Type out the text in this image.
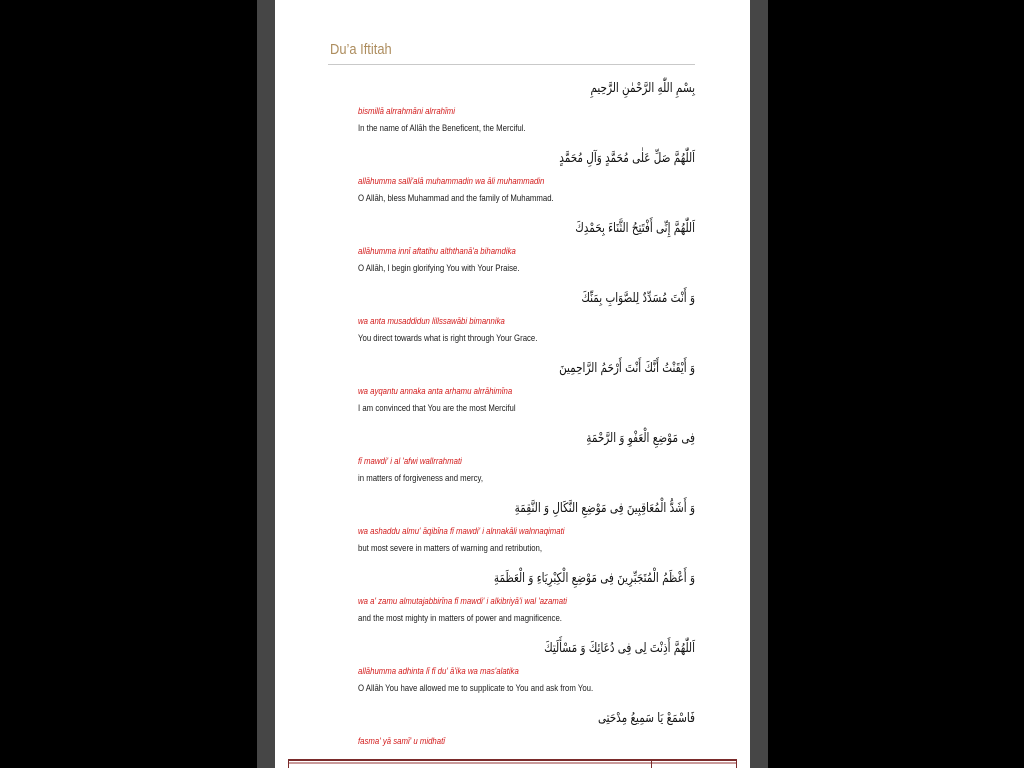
Du’a Iftitah
بِسْمِ اللّٰهِ الرَّحْمٰنِ الرَّحِيمِ
bismillā alrrahmāni alrrahīmi
In the name of Allāh the Beneficent, the Merciful.
اَللّٰهُمَّ صَلِّ عَلٰى مُحَمَّدٍ وَآلِ مُحَمَّدٍ
allāhumma salli'alā muhammadin wa āli muhammadin
O Allāh, bless Muhammad and the family of Muhammad.
اَللّٰهُمَّ إِنِّى أَفْتَتِحُ الثَّنَاءَ بِحَمْدِكَ
allāhumma innī aftatihu alththanā'a bihamdika
O Allāh, I begin glorifying You with Your Praise.
وَ أَنْتَ مُسَدِّدٌ لِلصَّوَابِ بِمَنِّكَ
wa anta musaddidun lillssawābi bimannika
You direct towards what is right through Your Grace.
وَ أَيْقَنْتُ أَنَّكَ أَنْتَ أَرْحَمُ الرَّاحِمِينَ
wa ayqantu annaka anta arhamu alrrāhimīna
I am convinced that You are the most Merciful
فِى مَوْضِعِ الْعَفْوِ وَ الرَّحْمَةِ
fī mawdi' i al 'afwi wallrrahmati
in matters of forgiveness and mercy,
وَ أَشَدُّ الْمُعَاقِبِينَ فِى مَوْضِعِ النَّكَالِ وَ النَّقِمَةِ
wa ashaddu almu' āqibīna fī mawdi' i alnnakāli walnnaqimati
but most severe in matters of warning and retribution,
وَ أَعْظَمُ الْمُتَجَبِّرِينَ فِى مَوْضِعِ الْكِبْرِيَاءِ وَ الْعَظَمَةِ
wa a' zamu almutajabbirīna fī mawdi' i alkibriyā'i wal 'azamati
and the most mighty in matters of power and magnificence.
اَللّٰهُمَّ أَذِنْتَ لِى فِى دُعَائِكَ وَ مَسْأَلَتِكَ
allāhumma adhinta lī fī du' ā'ika wa mas'alatika
O Allāh You have allowed me to supplicate to You and ask from You.
فَاسْمَعْ يَا سَمِيعُ مِدْحَتِى
fasma' yā samī' u midhatī
